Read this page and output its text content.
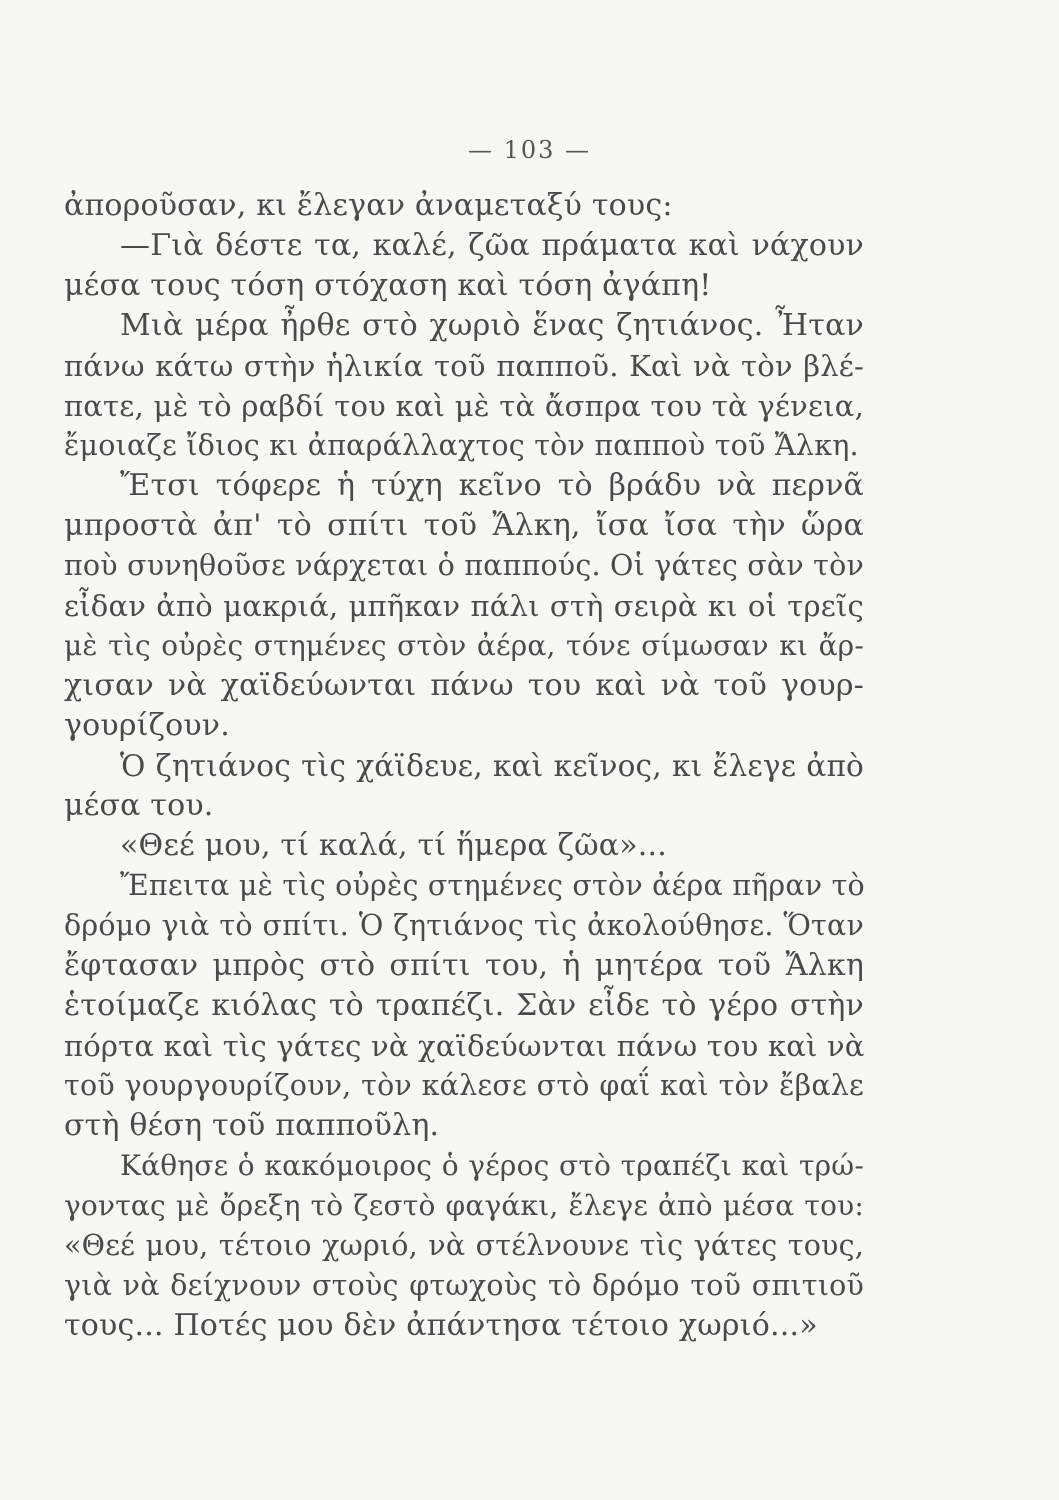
— 103 —
ἀποροῦσαν, κι ἔλεγαν ἀναμεταξύ τους:
—Γιὰ δέστε τα, καλέ, ζῶα πράματα καὶ νάχουν
μέσα τους τόση στόχαση καὶ τόση ἀγάπη!
Μιὰ μέρα ἦρθε στὸ χωριὸ ἕνας ζητιάνος. Ἦταν
πάνω κάτω στὴν ἡλικία τοῦ παπποῦ. Καὶ νὰ τὸν βλέ-
πατε, μὲ τὸ ραβδί του καὶ μὲ τὰ ἄσπρα του τὰ γένεια,
ἔμοιαζε ἴδιος κι ἀπαράλλαχτος τὸν παπποὺ τοῦ Ἄλκη.
Ἔτσι τόφερε ἡ τύχη κεῖνο τὸ βράδυ νὰ περνᾶ
μπροστὰ ἀπ' τὸ σπίτι τοῦ Ἄλκη, ἴσα ἴσα τὴν ὥρα
ποὺ συνηθοῦσε νάρχεται ὁ παππούς. Οἱ γάτες σὰν τὸν
εἶδαν ἀπὸ μακριά, μπῆκαν πάλι στὴ σειρὰ κι οἱ τρεῖς
μὲ τὶς οὐρὲς στημένες στὸν ἀέρα, τόνε σίμωσαν κι ἄρ-
χισαν νὰ χαϊδεύωνται πάνω του καὶ νὰ τοῦ γουρ-
γουρίζουν.
Ὁ ζητιάνος τὶς χάϊδευε, καὶ κεῖνος, κι ἔλεγε ἀπὸ
μέσα του.
«Θεέ μου, τί καλά, τί ἥμερα ζῶα»...
Ἔπειτα μὲ τὶς οὐρὲς στημένες στὸν ἀέρα πῆραν τὸ
δρόμο γιὰ τὸ σπίτι. Ὁ ζητιάνος τὶς ἀκολούθησε. Ὅταν
ἔφτασαν μπρὸς στὸ σπίτι του, ἡ μητέρα τοῦ Ἄλκη
ἑτοίμαζε κιόλας τὸ τραπέζι. Σὰν εἶδε τὸ γέρο στὴν
πόρτα καὶ τὶς γάτες νὰ χαϊδεύωνται πάνω του καὶ νὰ
τοῦ γουργουρίζουν, τὸν κάλεσε στὸ φαΐ καὶ τὸν ἔβαλε
στὴ θέση τοῦ παπποῦλη.
Κάθησε ὁ κακόμοιρος ὁ γέρος στὸ τραπέζι καὶ τρώ-
γοντας μὲ ὄρεξη τὸ ζεστὸ φαγάκι, ἔλεγε ἀπὸ μέσα του:
«Θεέ μου, τέτοιο χωριό, νὰ στέλνουνε τὶς γάτες τους,
γιὰ νὰ δείχνουν στοὺς φτωχοὺς τὸ δρόμο τοῦ σπιτιοῦ
τους... Ποτές μου δὲν ἀπάντησα τέτοιο χωριό...»
